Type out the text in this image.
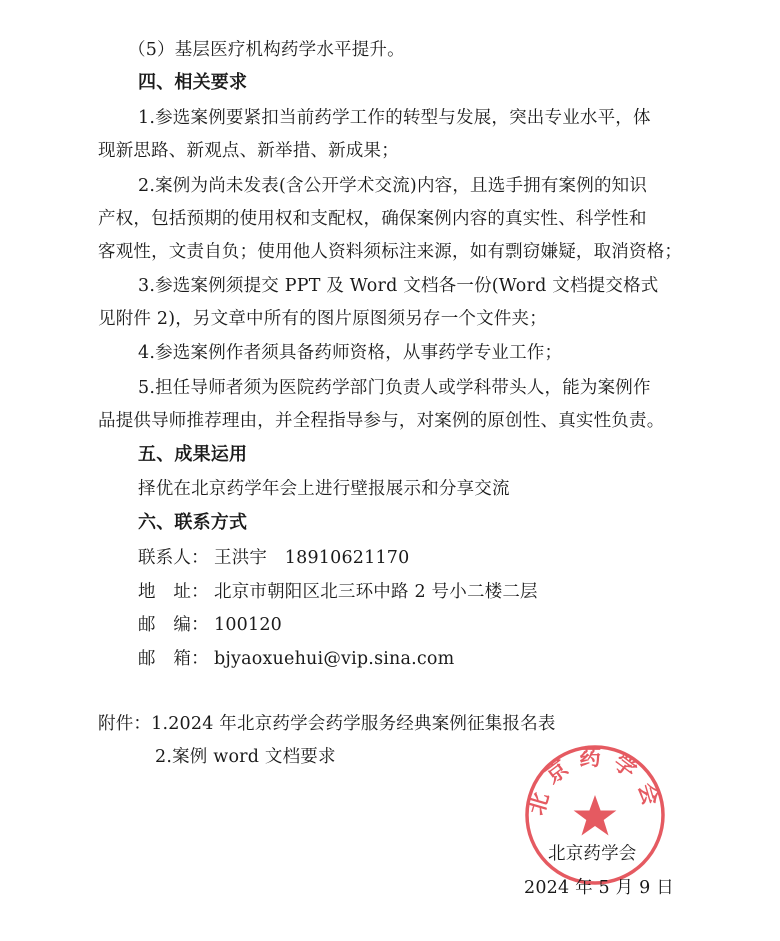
（5）基层医疗机构药学水平提升。
四、相关要求
1.参选案例要紧扣当前药学工作的转型与发展，突出专业水平，体
现新思路、新观点、新举措、新成果；
2.案例为尚未发表(含公开学术交流)内容，且选手拥有案例的知识
产权，包括预期的使用权和支配权，确保案例内容的真实性、科学性和
客观性，文责自负；使用他人资料须标注来源，如有剽窃嫌疑，取消资格；
3.参选案例须提交 PPT 及 Word 文档各一份(Word 文档提交格式
见附件 2)，另文章中所有的图片原图须另存一个文件夹；
4.参选案例作者须具备药师资格，从事药学专业工作；
5.担任导师者须为医院药学部门负责人或学科带头人，能为案例作
品提供导师推荐理由，并全程指导参与，对案例的原创性、真实性负责。
五、成果运用
择优在北京药学年会上进行壁报展示和分享交流
六、联系方式
联系人： 王洪宇　18910621170
地　址： 北京市朝阳区北三环中路 2 号小二楼二层
邮　编： 100120
邮　箱： bjyaoxuehui@vip.sina.com
附件：1.2024 年北京药学会药学服务经典案例征集报名表
2.案例 word 文档要求
北京药学会
北京药学会
2024 年 5 月 9 日
